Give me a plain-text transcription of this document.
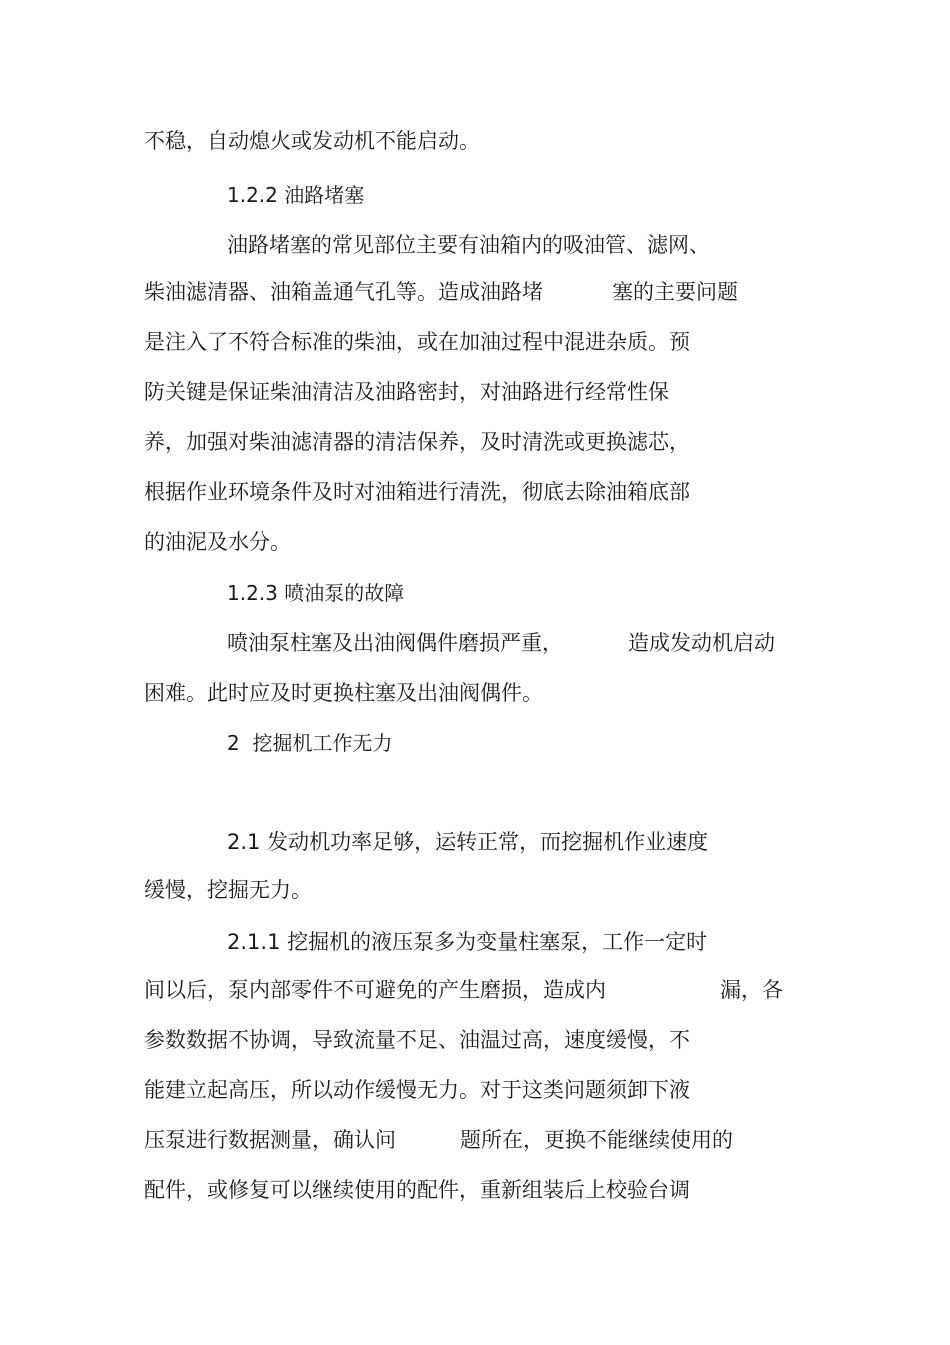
不稳，自动熄火或发动机不能启动。

1.2.2 油路堵塞

油路堵塞的常见部位主要有油箱内的吸油管、滤网、

柴油滤清器、油箱盖通气孔等。造成油路堵	塞的主要问题

是注入了不符合标准的柴油，或在加油过程中混进杂质。预

防关键是保证柴油清洁及油路密封，对油路进行经常性保

养，加强对柴油滤清器的清洁保养，及时清洗或更换滤芯，

根据作业环境条件及时对油箱进行清洗，彻底去除油箱底部

的油泥及水分。

1.2.3 喷油泵的故障

喷油泵柱塞及出油阀偶件磨损严重，	造成发动机启动

困难。此时应及时更换柱塞及出油阀偶件。

2  挖掘机工作无力

2.1 发动机功率足够，运转正常，而挖掘机作业速度

缓慢，挖掘无力。

2.1.1 挖掘机的液压泵多为变量柱塞泵，工作一定时

间以后，泵内部零件不可避免的产生磨损，造成内	漏，各

参数数据不协调，导致流量不足、油温过高，速度缓慢，不

能建立起高压，所以动作缓慢无力。对于这类问题须卸下液

压泵进行数据测量，确认问	题所在，更换不能继续使用的

配件，或修复可以继续使用的配件，重新组装后上校验台调
